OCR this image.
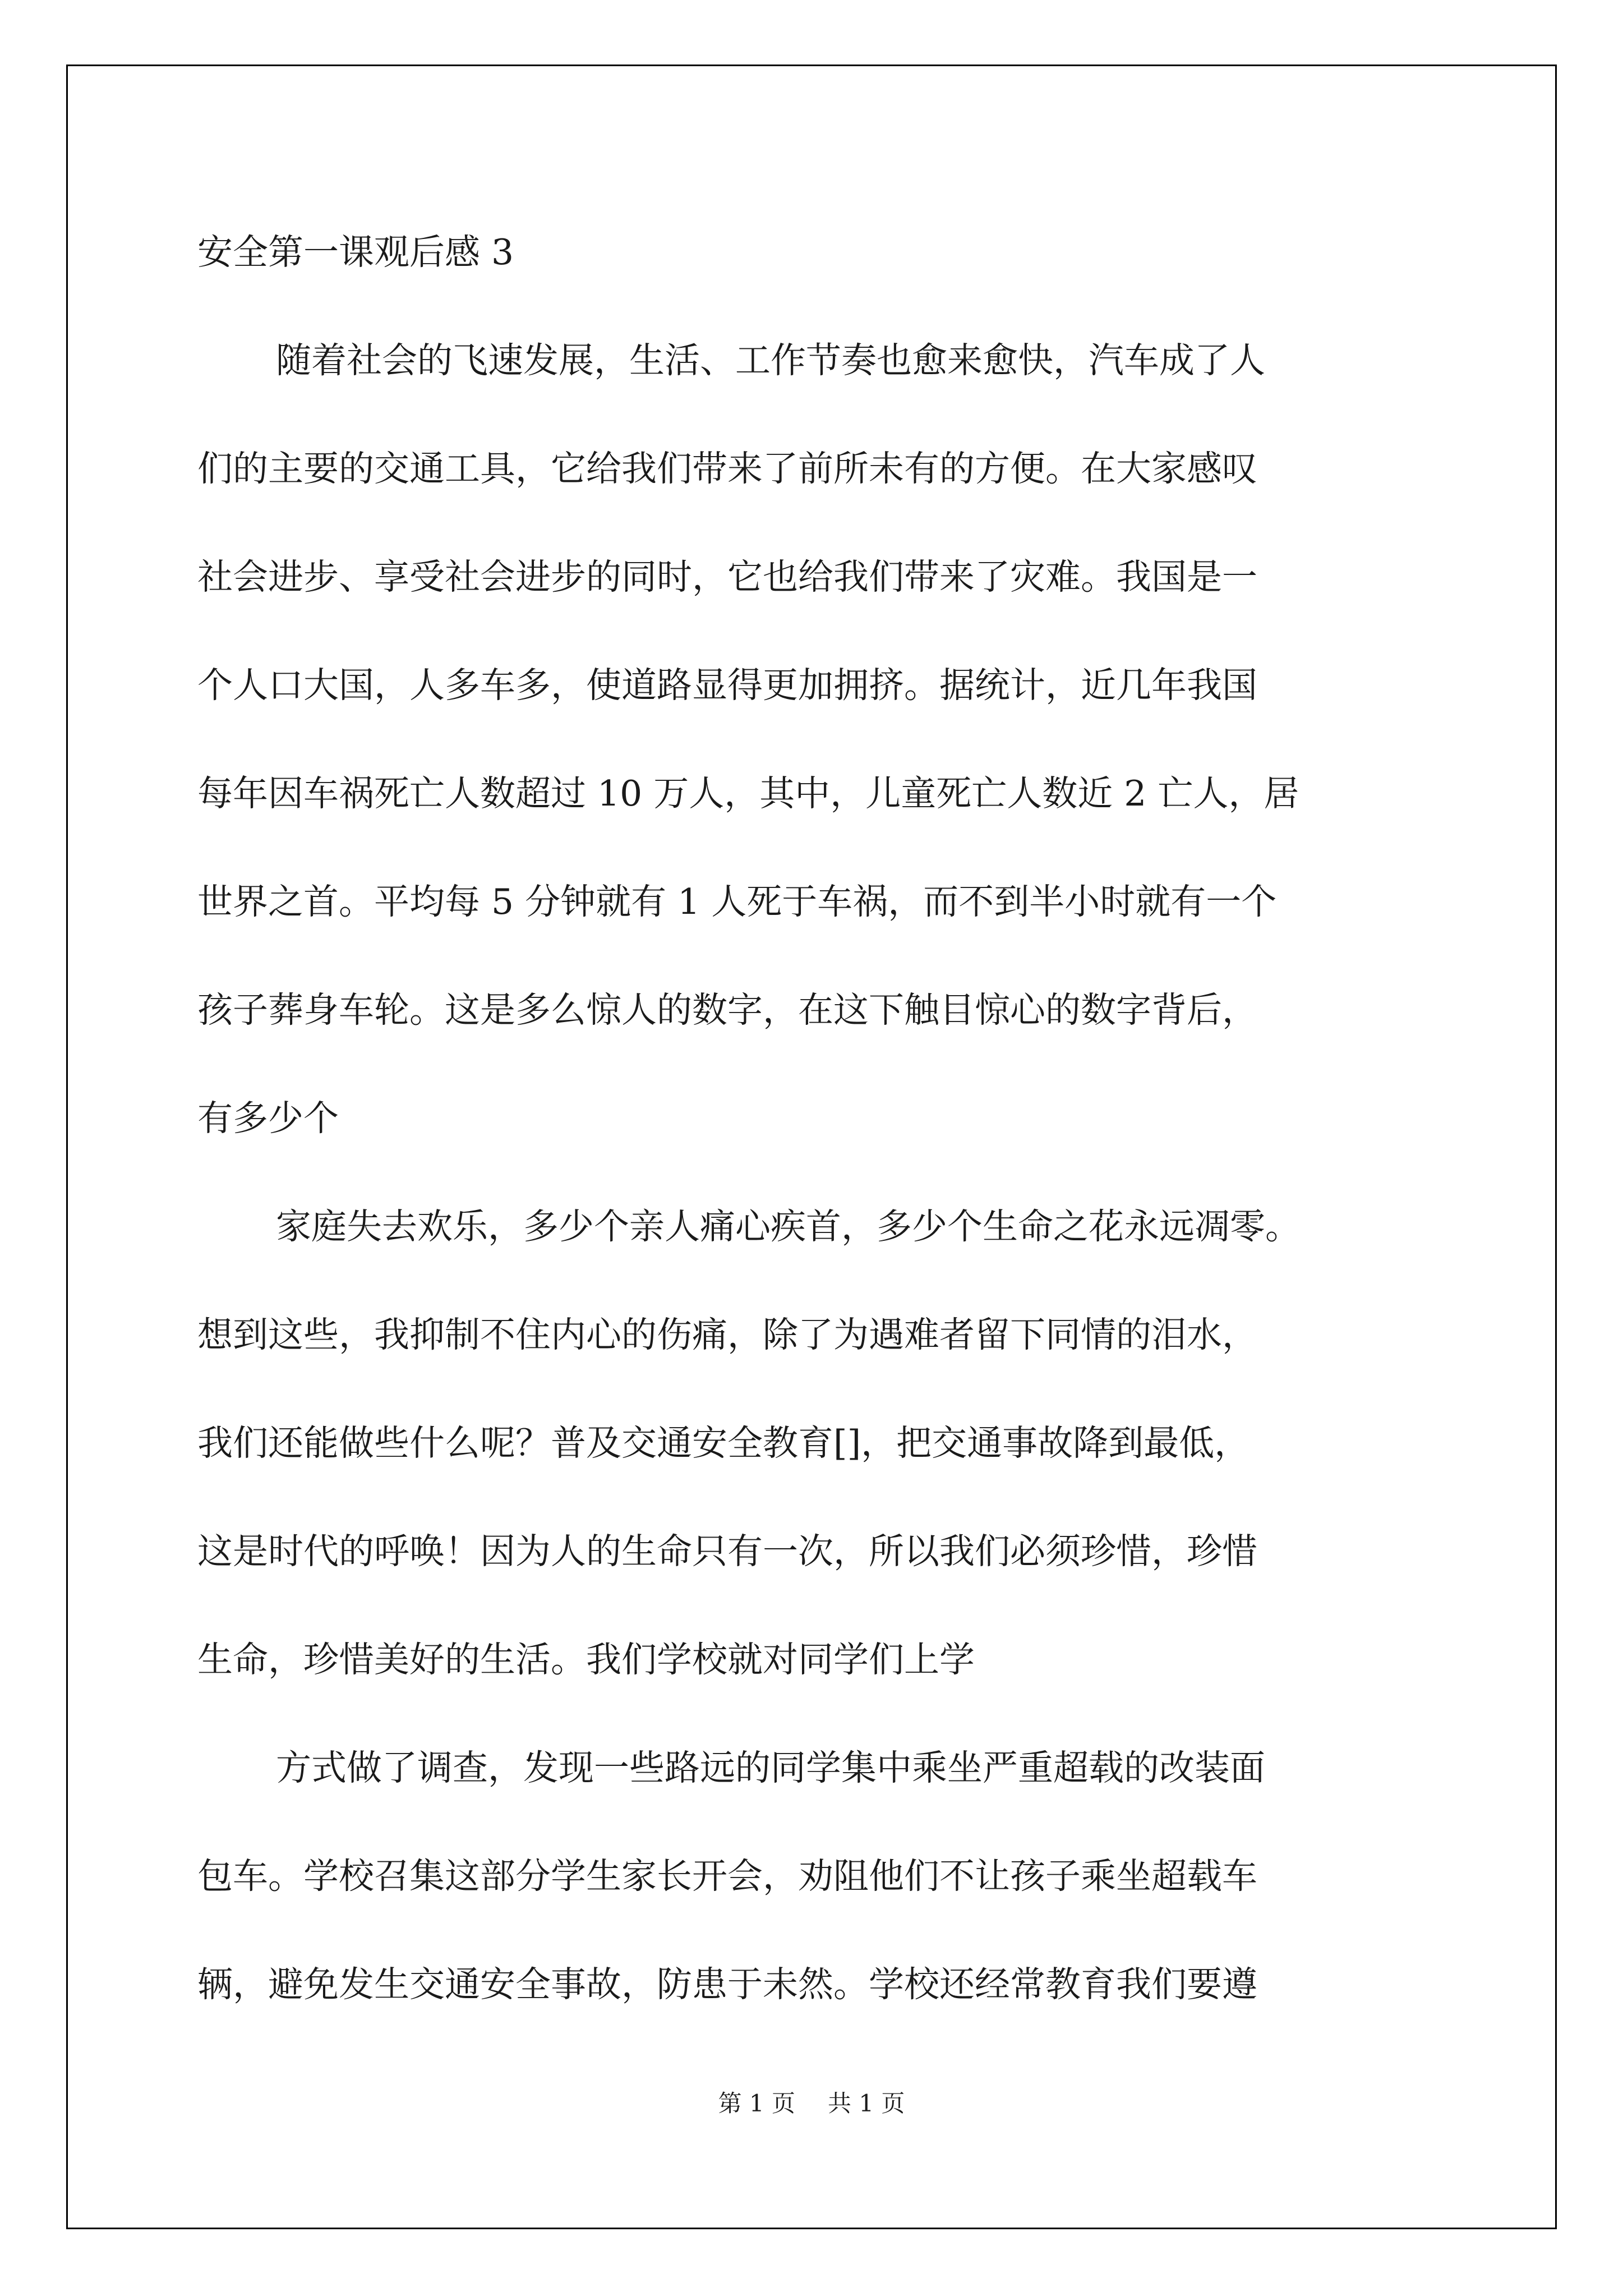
安全第一课观后感 3
随着社会的飞速发展，生活、工作节奏也愈来愈快，汽车成了人
们的主要的交通工具，它给我们带来了前所未有的方便。在大家感叹
社会进步、享受社会进步的同时，它也给我们带来了灾难。我国是一
个人口大国，人多车多，使道路显得更加拥挤。据统计，近几年我国
每年因车祸死亡人数超过 10 万人，其中，儿童死亡人数近 2 亡人，居
世界之首。平均每 5 分钟就有 1 人死于车祸，而不到半小时就有一个
孩子葬身车轮。这是多么惊人的数字，在这下触目惊心的数字背后，
有多少个
家庭失去欢乐，多少个亲人痛心疾首，多少个生命之花永远凋零。
想到这些，我抑制不住内心的伤痛，除了为遇难者留下同情的泪水，
我们还能做些什么呢？普及交通安全教育[]，把交通事故降到最低，
这是时代的呼唤！因为人的生命只有一次，所以我们必须珍惜，珍惜
生命，珍惜美好的生活。我们学校就对同学们上学
方式做了调查，发现一些路远的同学集中乘坐严重超载的改装面
包车。学校召集这部分学生家长开会，劝阻他们不让孩子乘坐超载车
辆，避免发生交通安全事故，防患于未然。学校还经常教育我们要遵
第 1 页 共 1 页
